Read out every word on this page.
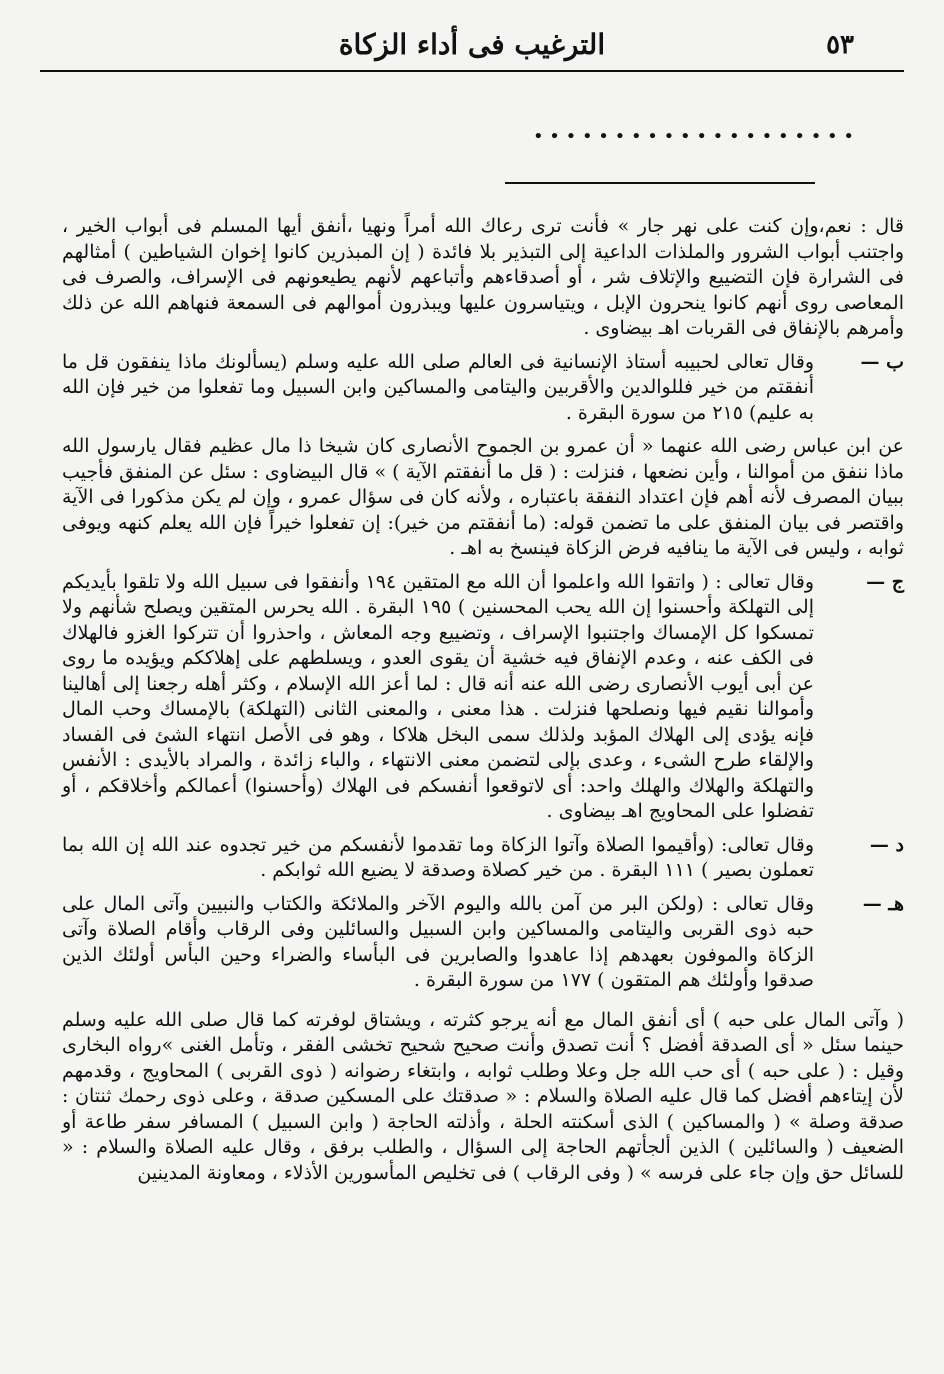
٥٣
الترغيب فى أداء الزكاة
• • • • • • • • • • • • • • • • • • • •

قال : نعم،وإن كنت على نهر جار » فأنت ترى رعاك الله أمراً ونهيا ،أنفق أيها المسلم فى أبواب الخير ، واجتنب أبواب الشرور والملذات الداعية إلى التبذير بلا فائدة ( إن المبذرين كانوا إخوان الشياطين ) أمثالهم فى الشرارة فإن التضييع والإتلاف شر ، أو أصدقاءهم وأتباعهم لأنهم يطيعونهم فى الإسراف، والصرف فى المعاصى روى أنهم كانوا ينحرون الإبل ، ويتياسرون عليها ويبذرون أموالهم فى السمعة فنهاهم الله عن ذلك وأمرهم بالإنفاق فى القربات اهـ بيضاوى .

ب —
وقال تعالى لحبيبه أستاذ الإنسانية فى العالم صلى الله عليه وسلم (يسألونك ماذا ينفقون قل ما أنفقتم من خير فللوالدين والأقربين واليتامى والمساكين وابن السبيل وما تفعلوا من خير فإن الله به عليم) ٢١٥ من سورة البقرة .

عن ابن عباس رضى الله عنهما « أن عمرو بن الجموح الأنصارى كان شيخا ذا مال عظيم فقال يارسول الله ماذا ننفق من أموالنا ، وأين نضعها ، فنزلت : ( قل ما أنفقتم الآية ) » قال البيضاوى : سئل عن المنفق فأجيب ببيان المصرف لأنه أهم فإن اعتداد النفقة باعتباره ، ولأنه كان فى سؤال عمرو ، وإن لم يكن مذكورا فى الآية واقتصر فى بيان المنفق على ما تضمن قوله: (ما أنفقتم من خير): إن تفعلوا خيراً فإن الله يعلم كنهه ويوفى ثوابه ، وليس فى الآية ما ينافيه فرض الزكاة فينسخ به اهـ .

ج —
وقال تعالى : ( واتقوا الله واعلموا أن الله مع المتقين ١٩٤ وأنفقوا فى سبيل الله ولا تلقوا بأيديكم إلى التهلكة وأحسنوا إن الله يحب المحسنين ) ١٩٥ البقرة . الله يحرس المتقين ويصلح شأنهم ولا تمسكوا كل الإمساك واجتنبوا الإسراف ، وتضييع وجه المعاش ، واحذروا أن تتركوا الغزو فالهلاك فى الكف عنه ، وعدم الإنفاق فيه خشية أن يقوى العدو ، ويسلطهم على إهلاككم ويؤيده ما روى عن أبى أيوب الأنصارى رضى الله عنه أنه قال : لما أعز الله الإسلام ، وكثر أهله رجعنا إلى أهالينا وأموالنا نقيم فيها ونصلحها فنزلت . هذا معنى ، والمعنى الثانى (التهلكة) بالإمساك وحب المال فإنه يؤدى إلى الهلاك المؤبد ولذلك سمى البخل هلاكا ، وهو فى الأصل انتهاء الشئ فى الفساد والإلقاء طرح الشىء ، وعدى بإلى لتضمن معنى الانتهاء ، والباء زائدة ، والمراد بالأيدى : الأنفس والتهلكة والهلاك والهلك واحد: أى لاتوقعوا أنفسكم فى الهلاك (وأحسنوا) أعمالكم وأخلاقكم ، أو تفضلوا على المحاويج اهـ بيضاوى .

د —
وقال تعالى: (وأقيموا الصلاة وآتوا الزكاة وما تقدموا لأنفسكم من خير تجدوه عند الله إن الله بما تعملون بصير ) ١١١ البقرة . من خير كصلاة وصدقة لا يضيع الله ثوابكم .

هـ —
وقال تعالى : (ولكن البر من آمن بالله واليوم الآخر والملائكة والكتاب والنبيين وآتى المال على حبه ذوى القربى واليتامى والمساكين وابن السبيل والسائلين وفى الرقاب وأقام الصلاة وآتى الزكاة والموفون بعهدهم إذا عاهدوا والصابرين فى البأساء والضراء وحين البأس أولئك الذين صدقوا وأولئك هم المتقون ) ١٧٧ من سورة البقرة .

( وآتى المال على حبه ) أى أنفق المال مع أنه يرجو كثرته ، ويشتاق لوفرته كما قال صلى الله عليه وسلم حينما سئل « أى الصدقة أفضل ؟ أنت تصدق وأنت صحيح شحيح تخشى الفقر ، وتأمل الغنى »رواه البخارى وقيل : ( على حبه ) أى حب الله جل وعلا وطلب ثوابه ، وابتغاء رضوانه ( ذوى القربى ) المحاويج ، وقدمهم لأن إيتاءهم أفضل كما قال عليه الصلاة والسلام : « صدقتك على المسكين صدقة ، وعلى ذوى رحمك ثنتان : صدقة وصلة » ( والمساكين ) الذى أسكنته الحلة ، وأذلته الحاجة ( وابن السبيل ) المسافر سفر طاعة أو الضعيف ( والسائلين ) الذين ألجأتهم الحاجة إلى السؤال ، والطلب برفق ، وقال عليه الصلاة والسلام : « للسائل حق وإن جاء على فرسه » ( وفى الرقاب ) فى تخليص المأسورين الأذلاء ، ومعاونة المدينين
